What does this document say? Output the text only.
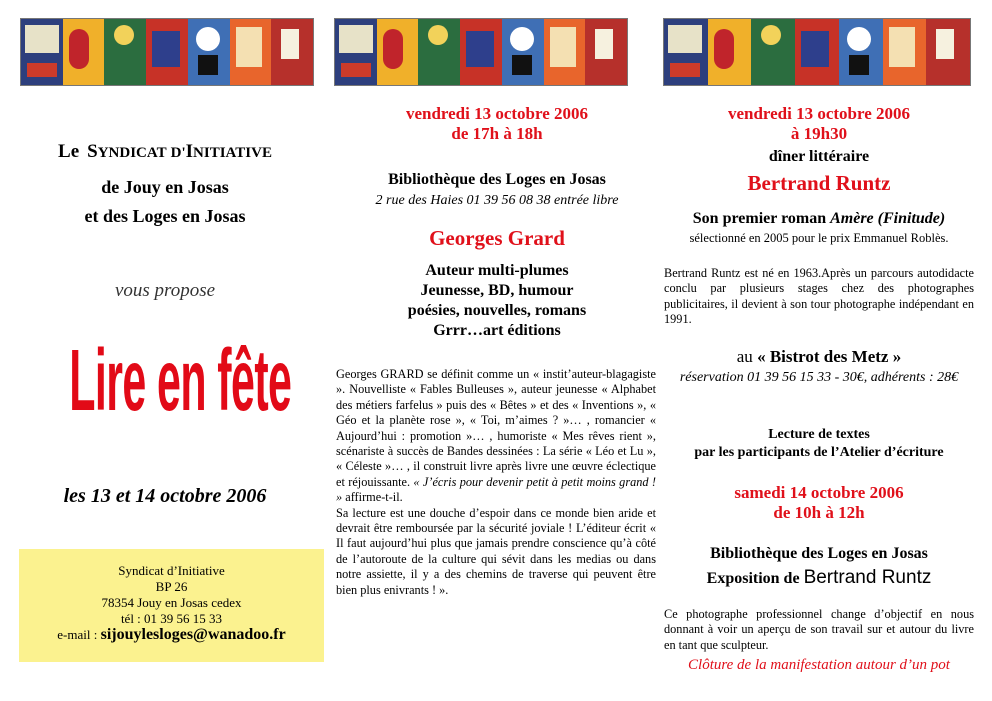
Le SYNDICAT D'INITIATIVE
de Jouy en Josas
et des Loges en Josas
vous propose
Lire en fête
les 13 et 14 octobre 2006
Syndicat d’Initiative
BP 26
78354 Jouy en Josas cedex
tél : 01 39 56 15 33
e-mail : sijouylesloges@wanadoo.fr
vendredi 13 octobre 2006
de 17h à 18h
Bibliothèque des Loges en Josas
2 rue des Haies 01 39 56 08 38 entrée libre
Georges Grard
Auteur multi-plumes
Jeunesse, BD, humour
poésies, nouvelles, romans
Grrr…art éditions
Georges GRARD se définit comme un « instit’auteur-blagagiste ». Nouvelliste « Fables Bulleuses », auteur jeunesse « Alphabet des métiers farfelus » puis des « Bêtes » et des « Inventions », « Géo et la planète rose », « Toi, m’aimes ? »… , romancier « Aujourd’hui : promotion »… , humoriste « Mes rêves rient », scénariste à succès de Bandes dessinées : La série « Léo et Lu », « Céleste »… , il construit livre après livre une œuvre éclectique et réjouissante. « J’écris pour devenir petit à petit moins grand ! » affirme-t-il.
Sa lecture est une douche d’espoir dans ce monde bien aride et devrait être remboursée par la sécurité joviale ! L’éditeur écrit « Il faut aujourd’hui plus que jamais prendre conscience qu’à côté de l’autoroute de la culture qui sévit dans les medias ou dans notre assiette, il y a des chemins de traverse qui peuvent être bien plus enivrants ! ».
vendredi 13 octobre 2006
à 19h30
dîner littéraire
Bertrand Runtz
Son premier roman Amère (Finitude)
sélectionné en 2005 pour le prix Emmanuel Roblès.
Bertrand Runtz est né en 1963.Après un parcours autodidacte conclu par plusieurs stages chez des photographes publicitaires, il devient à son tour photographe indépendant en 1991.
au « Bistrot des Metz »
réservation 01 39 56 15 33 - 30€, adhérents : 28€
Lecture de textes
par les participants de l’Atelier d’écriture
samedi 14 octobre 2006
de 10h à 12h
Bibliothèque des Loges en Josas
Exposition de Bertrand Runtz
Ce photographe professionnel change d’objectif en nous donnant à voir un aperçu de son travail sur et autour du livre en tant que sculpteur.
Clôture de la manifestation autour d’un pot
